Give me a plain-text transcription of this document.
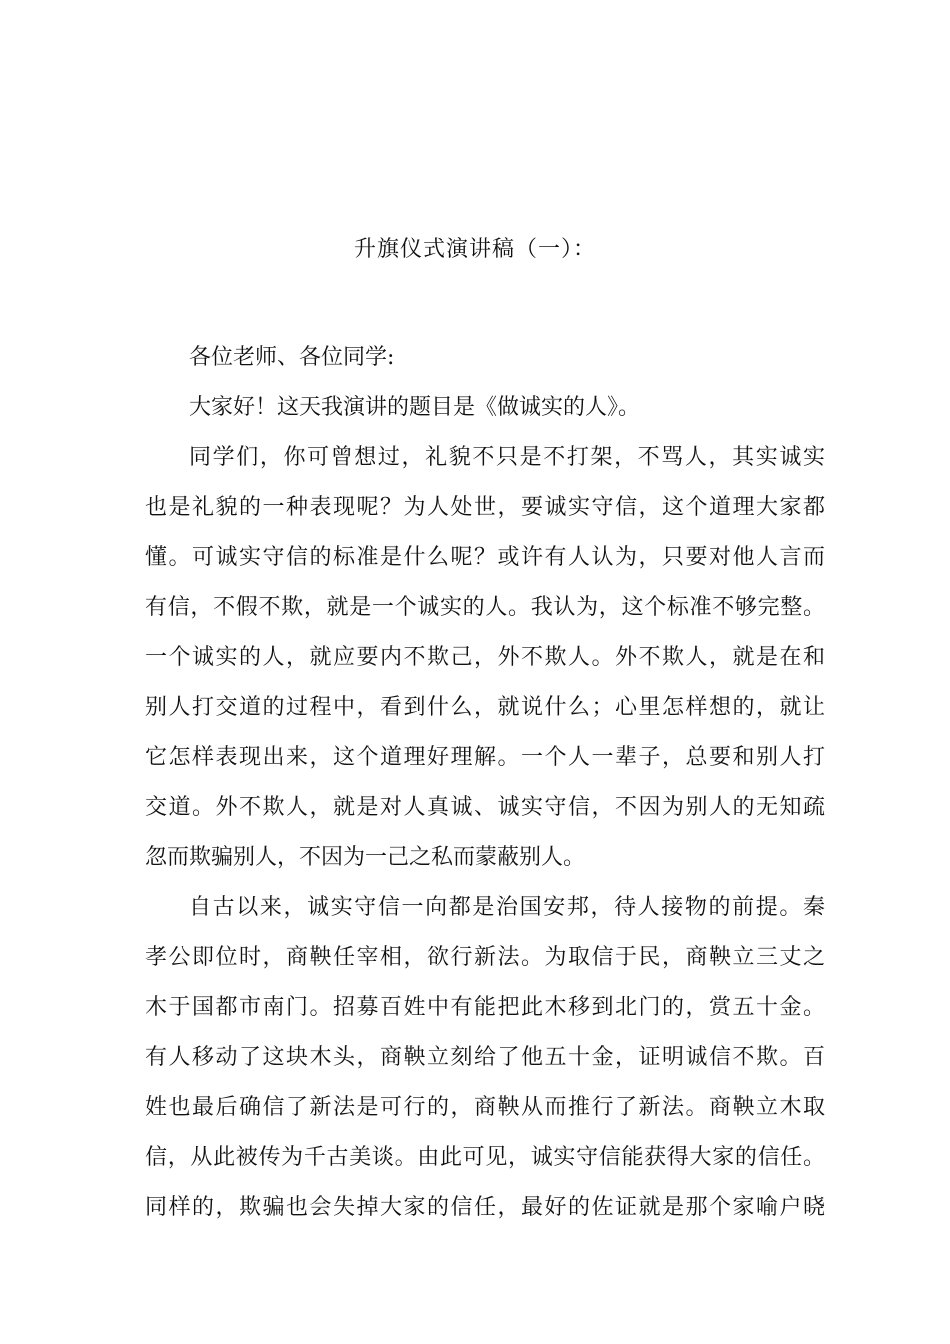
升旗仪式演讲稿（一）：
各位老师、各位同学:
大家好！这天我演讲的题目是《做诚实的人》。
同学们，你可曾想过，礼貌不只是不打架，不骂人，其实诚实
也是礼貌的一种表现呢？为人处世，要诚实守信，这个道理大家都
懂。可诚实守信的标准是什么呢？或许有人认为，只要对他人言而
有信，不假不欺，就是一个诚实的人。我认为，这个标准不够完整。
一个诚实的人，就应要内不欺己，外不欺人。外不欺人，就是在和
别人打交道的过程中，看到什么，就说什么；心里怎样想的，就让
它怎样表现出来，这个道理好理解。一个人一辈子，总要和别人打
交道。外不欺人，就是对人真诚、诚实守信，不因为别人的无知疏
忽而欺骗别人，不因为一己之私而蒙蔽别人。
自古以来，诚实守信一向都是治国安邦，待人接物的前提。秦
孝公即位时，商鞅任宰相，欲行新法。为取信于民，商鞅立三丈之
木于国都市南门。招募百姓中有能把此木移到北门的，赏五十金。
有人移动了这块木头，商鞅立刻给了他五十金，证明诚信不欺。百
姓也最后确信了新法是可行的，商鞅从而推行了新法。商鞅立木取
信，从此被传为千古美谈。由此可见，诚实守信能获得大家的信任。
同样的，欺骗也会失掉大家的信任，最好的佐证就是那个家喻户晓
